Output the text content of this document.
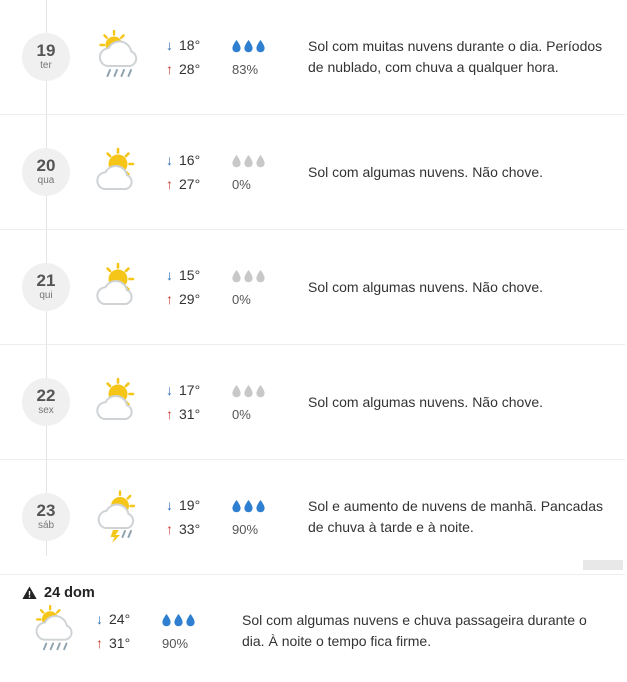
19
ter
↓ 18°
↑ 28° 83%
Sol com muitas nuvens durante o dia. Períodos de nublado, com chuva a qualquer hora.
20
qua
↓ 16°
↑ 27° 0%
Sol com algumas nuvens. Não chove.
21
qui
↓ 15°
↑ 29° 0%
Sol com algumas nuvens. Não chove.
22
sex
↓ 17°
↑ 31° 0%
Sol com algumas nuvens. Não chove.
23
sáb
↓ 19°
↑ 33° 90%
Sol e aumento de nuvens de manhã. Pancadas de chuva à tarde e à noite.
24 dom
↓ 24°
↑ 31° 90%
Sol com algumas nuvens e chuva passageira durante o dia. À noite o tempo fica firme.
